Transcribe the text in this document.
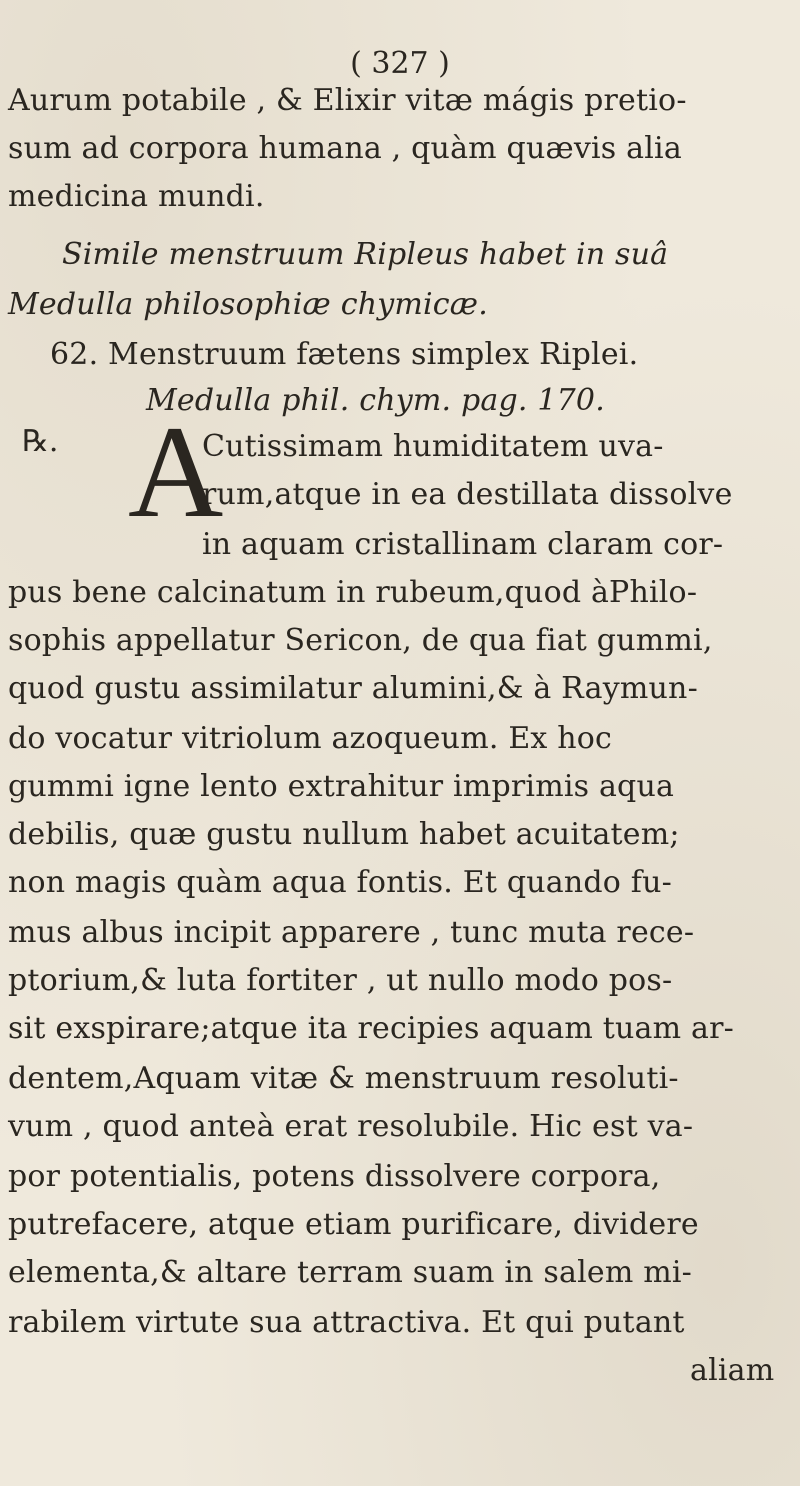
( 327 )
℞. A
Aurum potabile , & Elixir vitæ mágis pretio-
sum ad corpora humana , quàm quævis alia
medicina mundi.
Simile menstruum Ripleus habet in suâ
Medulla philosophiæ chymicæ.
62. Menstruum fætens simplex Riplei.
Medulla phil. chym. pag. 170.
Cutissimam humiditatem uva-
rum,atque in ea destillata dissolve
in aquam cristallinam claram cor-
pus bene calcinatum in rubeum,quod àPhilo-
sophis appellatur Sericon, de qua fiat gummi,
quod gustu assimilatur alumini,& à Raymun-
do vocatur vitriolum azoqueum. Ex hoc
gummi igne lento extrahitur imprimis aqua
debilis, quæ gustu nullum habet acuitatem;
non magis quàm aqua fontis. Et quando fu-
mus albus incipit apparere , tunc muta rece-
ptorium,& luta fortiter , ut nullo modo pos-
sit exspirare;atque ita recipies aquam tuam ar-
dentem,Aquam vitæ & menstruum resoluti-
vum , quod anteà erat resolubile. Hic est va-
por potentialis, potens dissolvere corpora,
putrefacere, atque etiam purificare, dividere
elementa,& altare terram suam in salem mi-
rabilem virtute sua attractiva. Et qui putant
aliam
